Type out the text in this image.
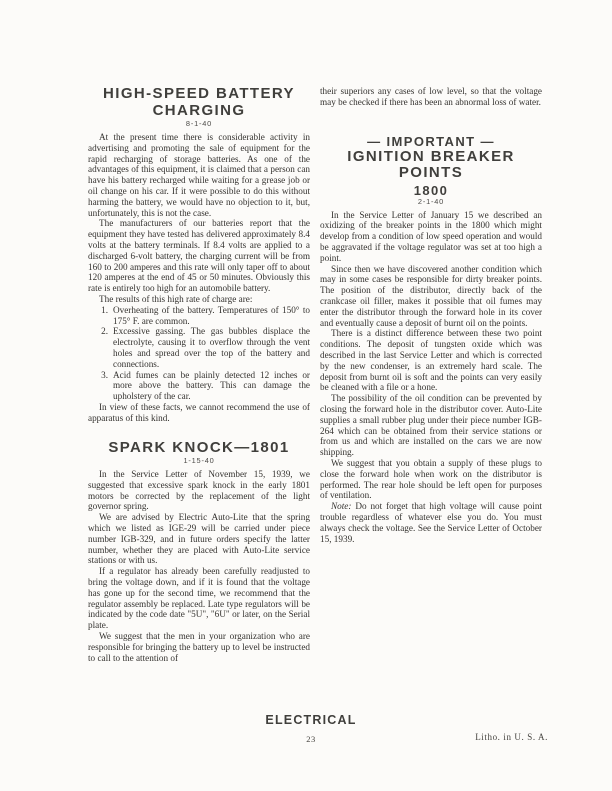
HIGH-SPEED BATTERY
CHARGING
8-1-40

At the present time there is considerable activity in advertising and promoting the sale of equipment for the rapid recharging of storage batteries. As one of the advantages of this equipment, it is claimed that a person can have his battery recharged while waiting for a grease job or oil change on his car. If it were possible to do this without harming the battery, we would have no objection to it, but, unfortunately, this is not the case.

The manufacturers of our batteries report that the equipment they have tested has delivered approximately 8.4 volts at the battery terminals. If 8.4 volts are applied to a discharged 6-volt battery, the charging current will be from 160 to 200 amperes and this rate will only taper off to about 120 amperes at the end of 45 or 50 minutes. Obviously this rate is entirely too high for an automobile battery.

The results of this high rate of charge are:

1. Overheating of the battery. Temperatures of 150° to 175° F. are common.
2. Excessive gassing. The gas bubbles displace the electrolyte, causing it to overflow through the vent holes and spread over the top of the battery and connections.
3. Acid fumes can be plainly detected 12 inches or more above the battery. This can damage the upholstery of the car.

In view of these facts, we cannot recommend the use of apparatus of this kind.

SPARK KNOCK—1801
1-15-40

In the Service Letter of November 15, 1939, we suggested that excessive spark knock in the early 1801 motors be corrected by the replacement of the light governor spring.

We are advised by Electric Auto-Lite that the spring which we listed as IGE-29 will be carried under piece number IGB-329, and in future orders specify the latter number, whether they are placed with Auto-Lite service stations or with us.

If a regulator has already been carefully readjusted to bring the voltage down, and if it is found that the voltage has gone up for the second time, we recommend that the regulator assembly be replaced. Late type regulators will be indicated by the code date "5U", "6U" or later, on the Serial plate.

We suggest that the men in your organization who are responsible for bringing the battery up to level be instructed to call to the attention of

their superiors any cases of low level, so that the voltage may be checked if there has been an abnormal loss of water.

— IMPORTANT —
IGNITION BREAKER POINTS
1800
2-1-40

In the Service Letter of January 15 we described an oxidizing of the breaker points in the 1800 which might develop from a condition of low speed operation and would be aggravated if the voltage regulator was set at too high a point.

Since then we have discovered another condition which may in some cases be responsible for dirty breaker points. The position of the distributor, directly back of the crankcase oil filler, makes it possible that oil fumes may enter the distributor through the forward hole in its cover and eventually cause a deposit of burnt oil on the points.

There is a distinct difference between these two point conditions. The deposit of tungsten oxide which was described in the last Service Letter and which is corrected by the new condenser, is an extremely hard scale. The deposit from burnt oil is soft and the points can very easily be cleaned with a file or a hone.

The possibility of the oil condition can be prevented by closing the forward hole in the distributor cover. Auto-Lite supplies a small rubber plug under their piece number IGB-264 which can be obtained from their service stations or from us and which are installed on the cars we are now shipping.

We suggest that you obtain a supply of these plugs to close the forward hole when work on the distributor is performed. The rear hole should be left open for purposes of ventilation.

Note: Do not forget that high voltage will cause point trouble regardless of whatever else you do. You must always check the voltage. See the Service Letter of October 15, 1939.

ELECTRICAL
23	Litho. in U. S. A.
